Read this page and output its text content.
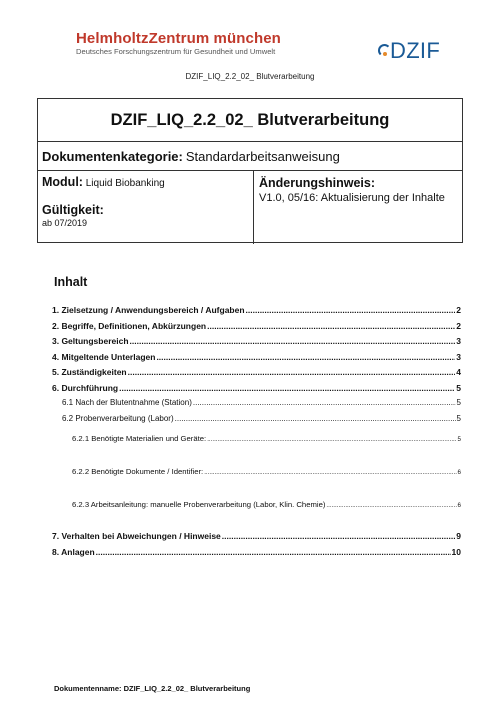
HelmholtzZentrum münchen
Deutsches Forschungszentrum für Gesundheit und Umwelt	DZIF
DZIF_LIQ_2.2_02_ Blutverarbeitung
DZIF_LIQ_2.2_02_ Blutverarbeitung
Dokumentenkategorie: Standardarbeitsanweisung
Modul: Liquid Biobanking
Gültigkeit:
ab 07/2019
Änderungshinweis:
V1.0, 05/16: Aktualisierung der Inhalte
Inhalt
1. Zielsetzung / Anwendungsbereich / Aufgaben .....	2
2. Begriffe, Definitionen, Abkürzungen .....	2
3. Geltungsbereich .....	3
4. Mitgeltende Unterlagen .....	3
5. Zuständigkeiten .....	4
6. Durchführung .....	5
6.1 Nach der Blutentnahme (Station) .....	5
6.2 Probenverarbeitung (Labor) .....	5
6.2.1 Benötigte Materialien und Geräte: .....	5
6.2.2 Benötigte Dokumente / Identifier: .....	6
6.2.3 Arbeitsanleitung: manuelle Probenverarbeitung (Labor, Klin. Chemie) .....	6
7. Verhalten bei Abweichungen / Hinweise .....	9
8. Anlagen .....	10
Dokumentenname: DZIF_LIQ_2.2_02_ Blutverarbeitung
